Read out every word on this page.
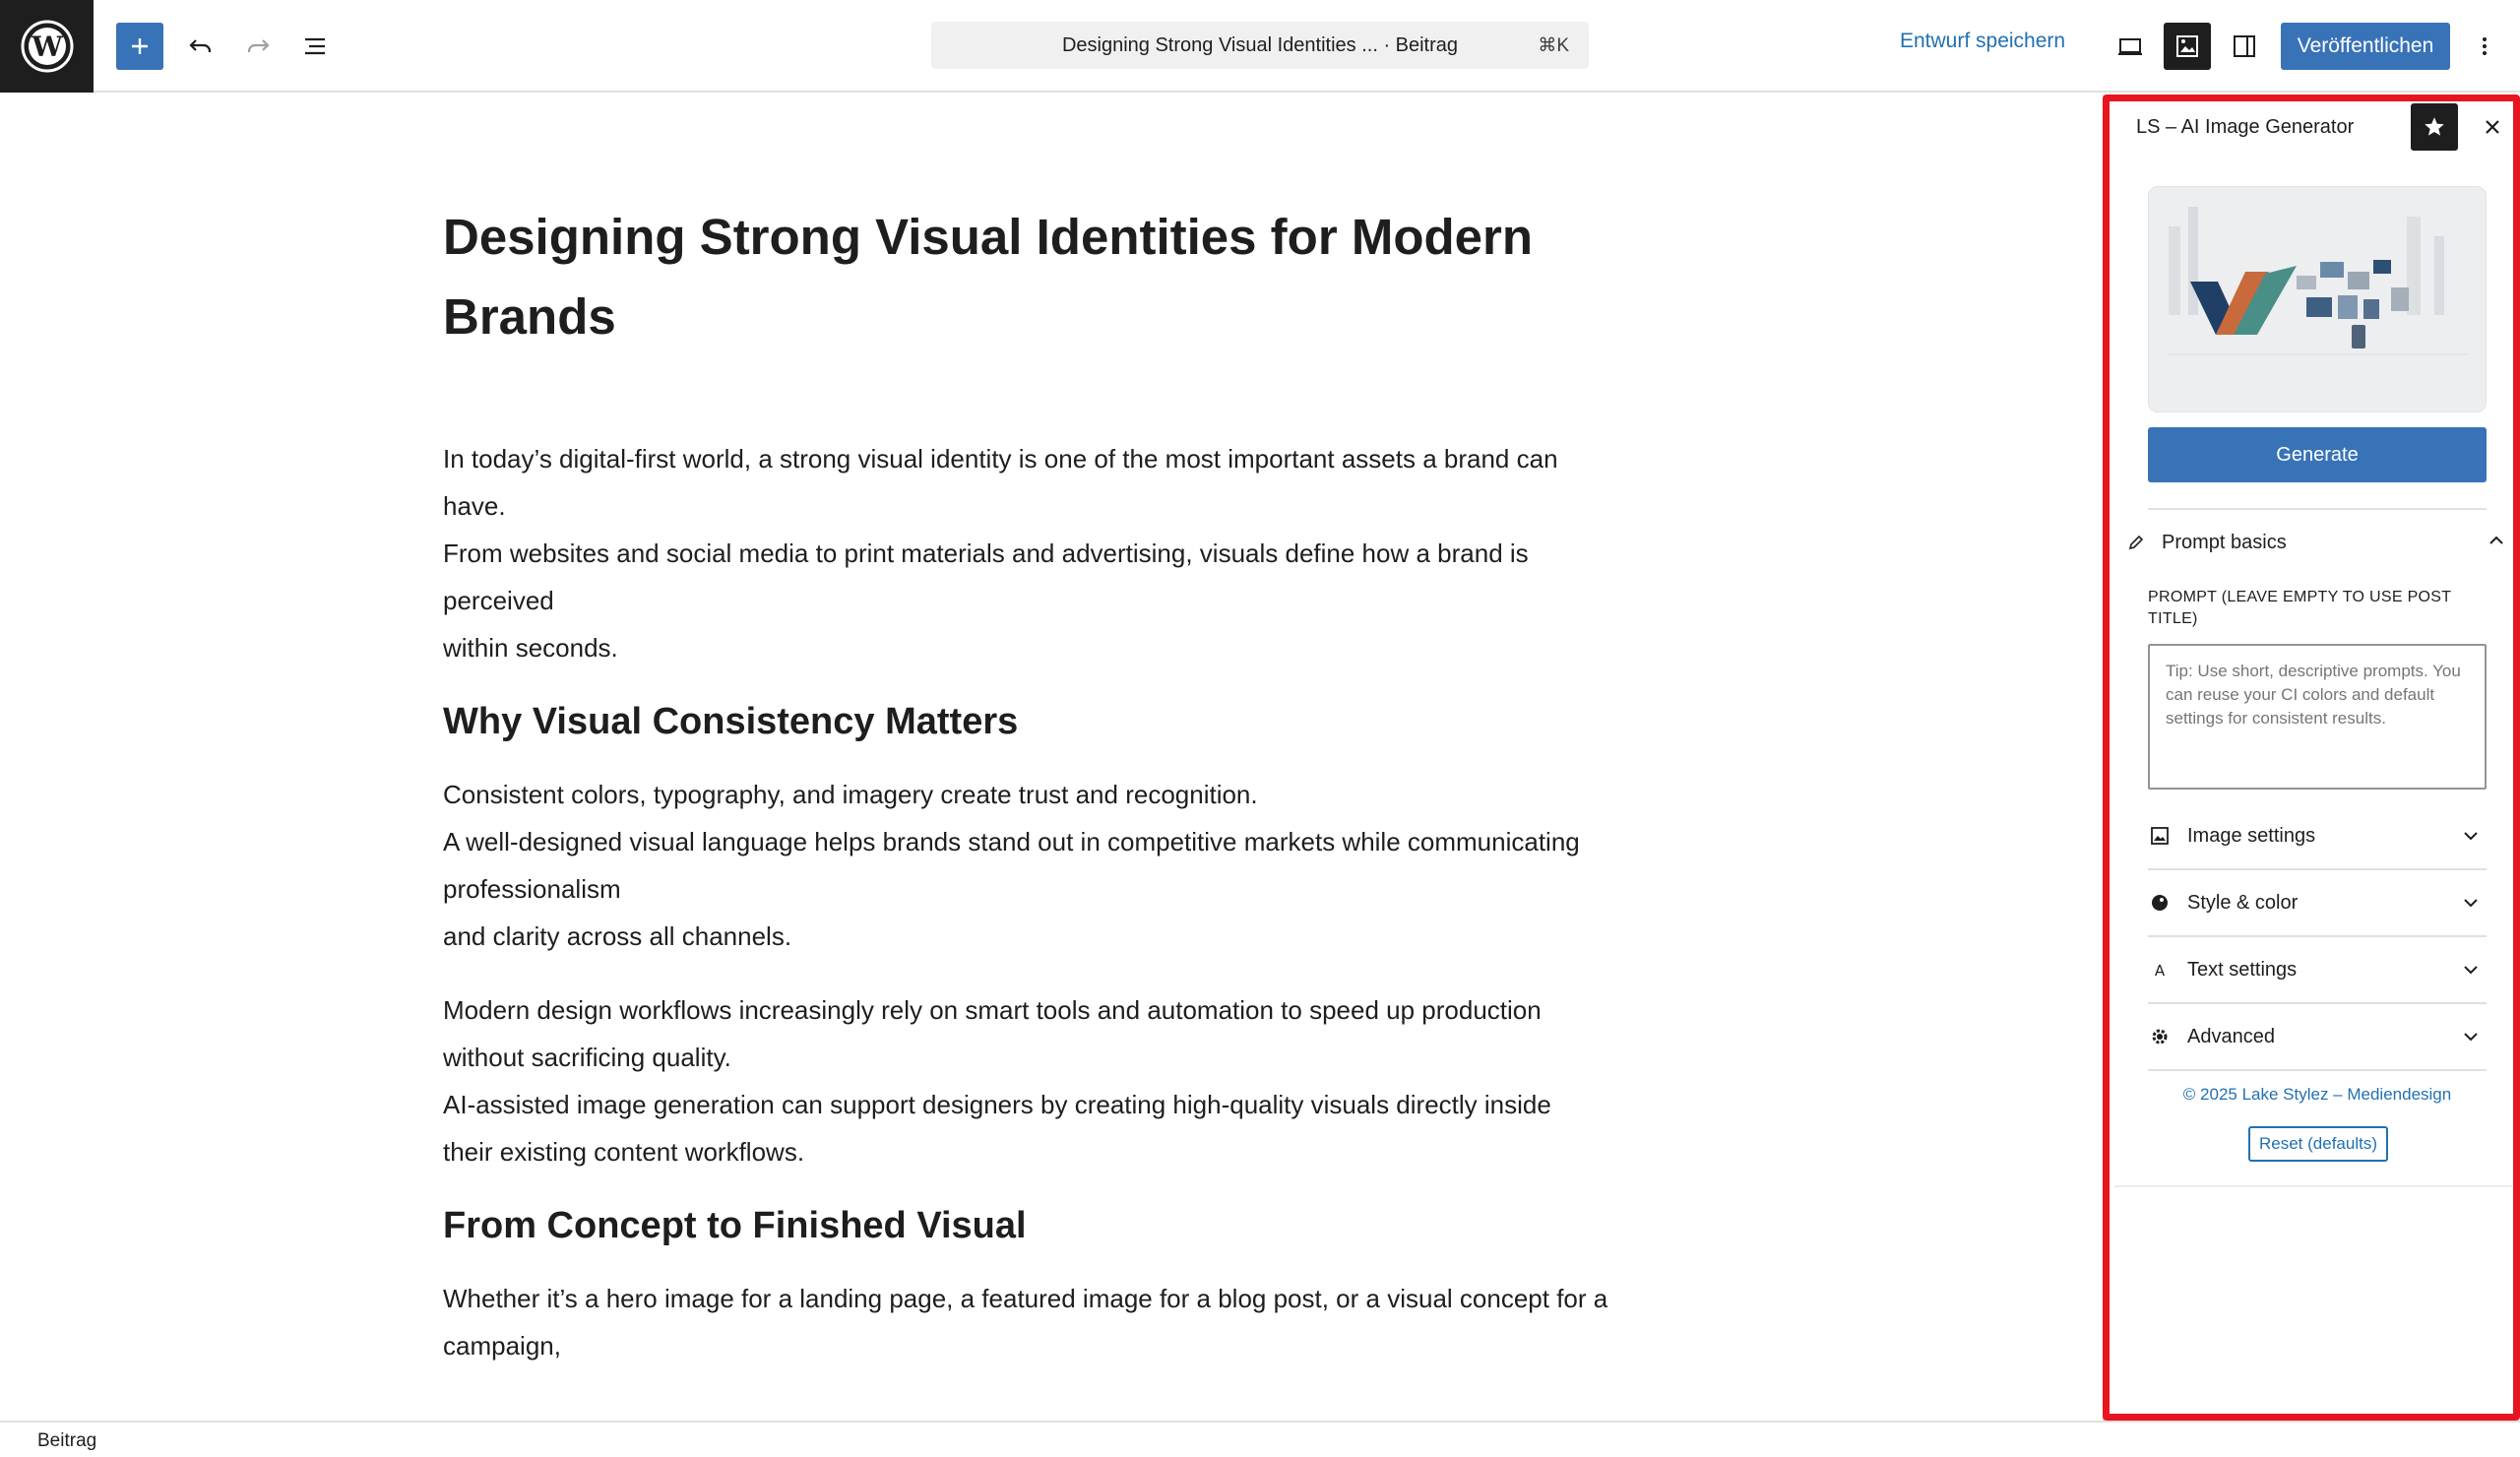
W	Designing Strong Visual Identities ... · Beitrag	⌘K	Entwurf speichern	Veröffentlichen
Designing Strong Visual Identities for Modern Brands
In today’s digital-first world, a strong visual identity is one of the most important assets a brand can
have.
From websites and social media to print materials and advertising, visuals define how a brand is
perceived
within seconds.
Why Visual Consistency Matters
Consistent colors, typography, and imagery create trust and recognition.
A well-designed visual language helps brands stand out in competitive markets while communicating
professionalism
and clarity across all channels.
Modern design workflows increasingly rely on smart tools and automation to speed up production
without sacrificing quality.
AI-assisted image generation can support designers by creating high-quality visuals directly inside
their existing content workflows.
From Concept to Finished Visual
Whether it’s a hero image for a landing page, a featured image for a blog post, or a visual concept for a
campaign,
Beitrag
LS – AI Image Generator
Generate
Prompt basics
PROMPT (LEAVE EMPTY TO USE POST TITLE)
Tip: Use short, descriptive prompts. You can reuse your CI colors and default settings for consistent results.
Image settings
Style & color
A Text settings
Advanced
© 2025 Lake Stylez – Mediendesign
Reset (defaults)
